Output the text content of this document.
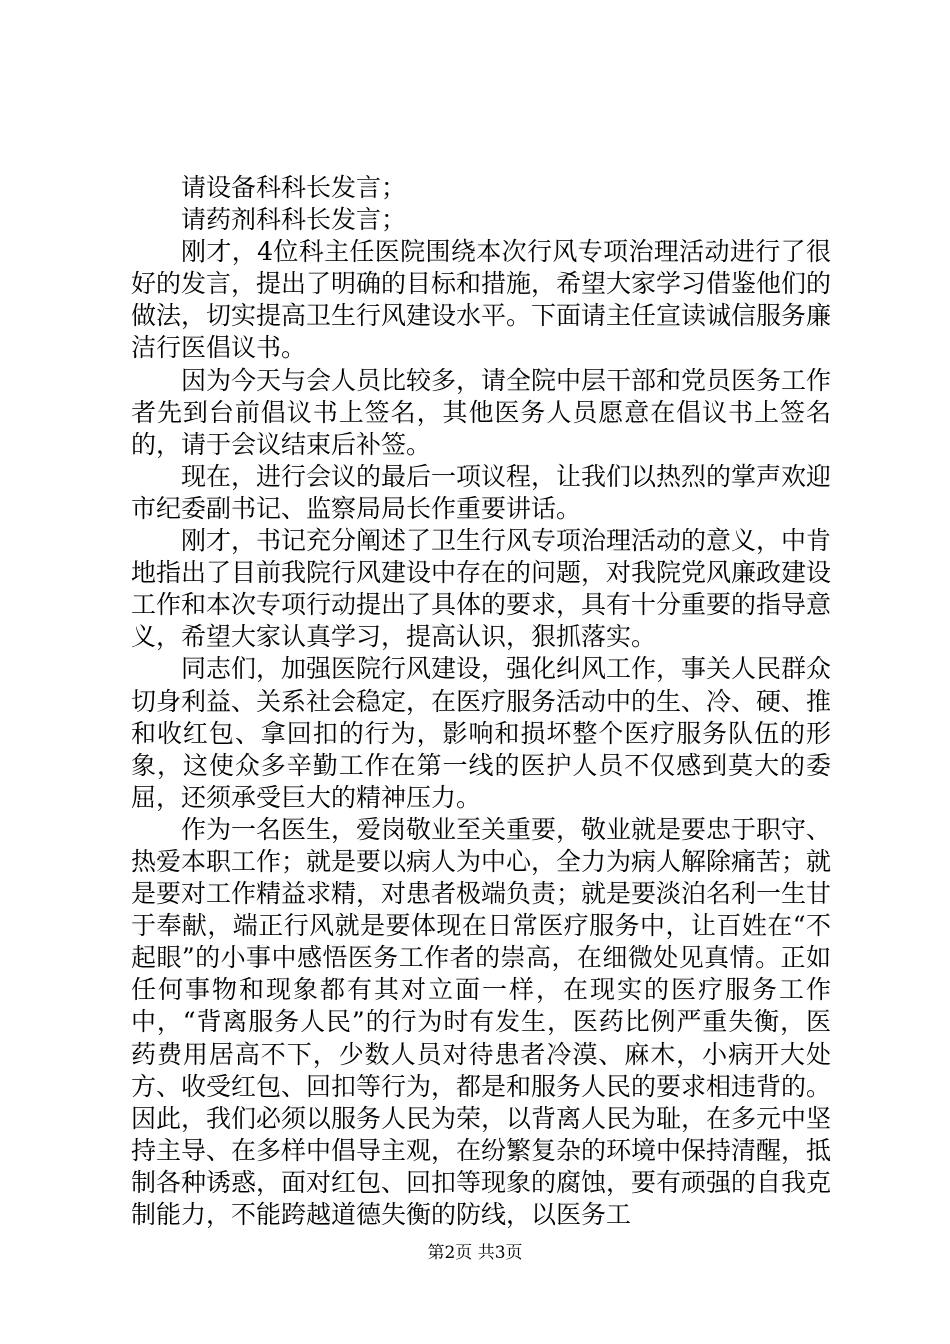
请设备科科长发言；

请药剂科科长发言；

刚才，4位科主任医院围绕本次行风专项治理活动进行了很好的发言，提出了明确的目标和措施，希望大家学习借鉴他们的做法，切实提高卫生行风建设水平。下面请主任宣读诚信服务廉洁行医倡议书。

因为今天与会人员比较多，请全院中层干部和党员医务工作者先到台前倡议书上签名，其他医务人员愿意在倡议书上签名的，请于会议结束后补签。

现在，进行会议的最后一项议程，让我们以热烈的掌声欢迎市纪委副书记、监察局局长作重要讲话。

刚才，书记充分阐述了卫生行风专项治理活动的意义，中肯地指出了目前我院行风建设中存在的问题，对我院党风廉政建设工作和本次专项行动提出了具体的要求，具有十分重要的指导意义，希望大家认真学习，提高认识，狠抓落实。

同志们，加强医院行风建设，强化纠风工作，事关人民群众切身利益、关系社会稳定，在医疗服务活动中的生、冷、硬、推和收红包、拿回扣的行为，影响和损坏整个医疗服务队伍的形象，这使众多辛勤工作在第一线的医护人员不仅感到莫大的委屈，还须承受巨大的精神压力。

作为一名医生，爱岗敬业至关重要，敬业就是要忠于职守、热爱本职工作；就是要以病人为中心，全力为病人解除痛苦；就是要对工作精益求精，对患者极端负责；就是要淡泊名利一生甘于奉献，端正行风就是要体现在日常医疗服务中，让百姓在“不起眼”的小事中感悟医务工作者的崇高，在细微处见真情。正如任何事物和现象都有其对立面一样，在现实的医疗服务工作中，“背离服务人民”的行为时有发生，医药比例严重失衡，医药费用居高不下，少数人员对待患者冷漠、麻木，小病开大处方、收受红包、回扣等行为，都是和服务人民的要求相违背的。因此，我们必须以服务人民为荣，以背离人民为耻，在多元中坚持主导、在多样中倡导主观，在纷繁复杂的环境中保持清醒，抵制各种诱惑，面对红包、回扣等现象的腐蚀，要有顽强的自我克制能力，不能跨越道德失衡的防线，以医务工

第2页 共3页
